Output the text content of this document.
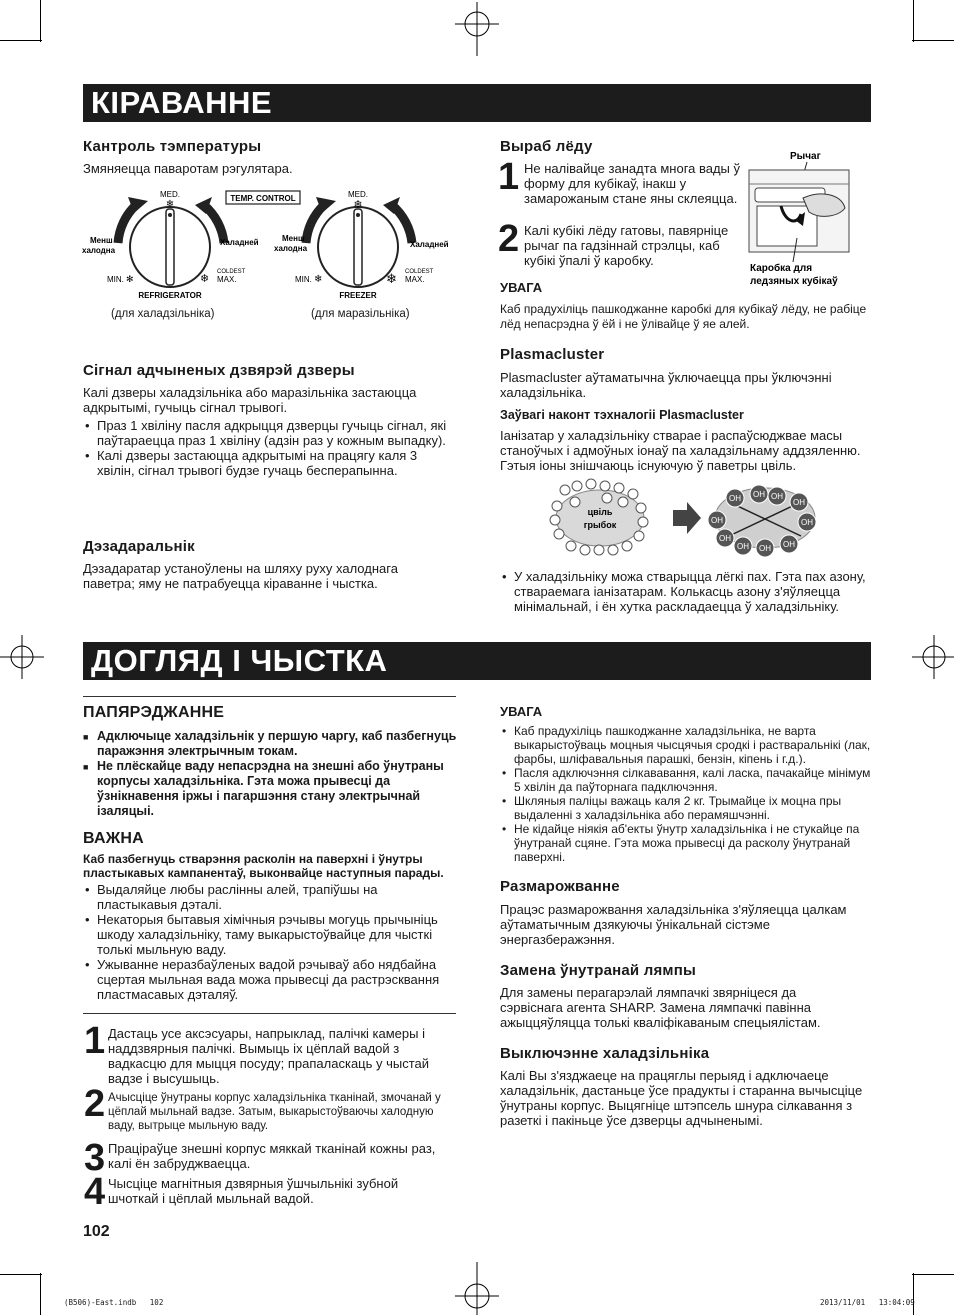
КІРАВАННЕ
Кантроль тэмпературы

Змяняецца паваротам рэгулятара.

MED.
❄
MIN. ✻	MAX.
COLDEST
❄
Менш
халодна
Халадней
REFRIGERATOR
TEMP. CONTROL	MED.
❄
MIN. ❄	MAX.
COLDEST
❄
Менш
халодна	Халадней
FREEZER

(для халадзільніка)	(для маразільніка)

Сігнал адчыненых дзвярэй дзверы

Калі дзверы халадзільніка або маразільніка застаюцца адкрытымі, гучыць сігнал трывогі.

• Праз 1 хвіліну пасля адкрыцця дзверцы гучыць сігнал, які паўтараецца праз 1 хвіліну (адзін раз у кожным выпадку).
• Калі дзверы застаюцца адкрытымі на працягу каля 3 хвілін, сігнал трывогі будзе гучаць бесперапынна.
Дэзадаральнік

Дэзадаратар устаноўлены на шляху руху халоднага паветра; яму не патрабуецца кіраванне і чыстка.

Выраб лёду
1 Не налівайце занадта многа вады ў форму для кубікаў, інакш у замарожаным стане яны склеяцца.

2 Калі кубікі лёду гатовы, павярніце рычаг па гадзіннай стрэлцы, каб кубікі ўпалі ў каробку.

Рычаг
Каробка для
ледзяных кубікаў

УВАГА

Каб прадухіліць пашкоджанне каробкі для кубікаў лёду, не рабіце лёд непасрэдна ў ёй і не ўлівайце ў яе алей.

Plasmacluster

Plasmacluster аўтаматычна ўключаецца пры ўключэнні халадзільніка.

Заўвагі наконт тэхналогіі Plasmacluster

Іанізатар у халадзільніку стварае і распаўсюджвае масы станоўчых і адмоўных іонаў па халадзільнаму аддзяленню. Гэтыя іоны знішчаюць існуючую ў паветры цвіль.

цвіль
грыбок
OH OH OH
OH
OH
OH
OH
OH
OH
OH
• У халадзільніку можа стварыцца лёгкі пах. Гэта пах азону, ствараемага іанізатарам. Колькасць азону з'яўляецца мінімальнай, і ён хутка раскладаецца ў халадзільніку.
ДОГЛЯД І ЧЫСТКА
ПАПЯРЭДЖАННЕ
■ Адключыце халадзільнік у першую чаргу, каб пазбегнуць паражэння электрычным токам.
■ Не плёскайце ваду непасрэдна на знешні або ўнутраны корпусы халадзільніка. Гэта можа прывесці да ўзнікнавення іржы і пагаршэння стану электрычнай ізаляцыі.
ВАЖНА

Каб пазбегнуць стварэння расколін на паверхні і ўнутры пластыкавых кампанентаў, выконвайце наступныя парады.

• Выдаляйце любы раслінны алей, трапіўшы на пластыкавыя дэталі.
• Некаторыя бытавыя хімічныя рэчывы могуць прычыніць шкоду халадзільніку, таму выкарыстоўвайце для чысткі толькі мыльную ваду.
• Ужыванне неразбаўленых вадой рэчываў або нядбайна сцертая мыльная вада можа прывесці да растрэсквання пластмасавых дэталяў.
1 Дастаць усе аксэсуары, напрыклад, палічкі камеры і наддзвярныя палічкі. Вымыць іх цёплай вадой з вадкасцю для мыцця посуду; прапаласкаць у чыстай вадзе і высушыць.

2 Ачысціце ўнутраны корпус халадзільніка тканінай, змочанай у цёплай мыльнай вадзе. Затым, выкарыстоўваючы халодную ваду, вытрыце мыльную ваду.

3 Праціраўце знешні корпус мяккай тканінай кожны раз, калі ён забруджваецца.

4 Чысціце магнітныя дзвярныя ўшчыльнікі зубной шчоткай і цёплай мыльнай вадой.

УВАГА

• Каб прадухіліць пашкоджанне халадзільніка, не варта выкарыстоўваць моцныя чысцячыя сродкі і растваральнікі (лак, фарбы, шліфавальныя парашкі, бензін, кіпень і г.д.).
• Пасля адключэння сілкававання, калі ласка, пачакайце мінімум 5 хвілін да паўторнага падключэння.
• Шкляныя паліцы важаць каля 2 кг. Трымайце іх моцна пры выдаленні з халадзільніка або перамяшчэнні.
• Не кідайце ніякія аб'екты ўнутр халадзільніка і не стукайце па ўнутранай сцяне. Гэта можа прывесці да расколу ўнутранай паверхні.
Размарожванне

Працэс размарожвання халадзільніка з'яўляецца цалкам аўтаматычным дзякуючы ўнікальнай сістэме энергазберажэння.

Замена ўнутранай лямпы

Для замены перагарэлай лямпачкі звярніцеся да сэрвіснага агента SHARP. Замена лямпачкі павінна ажыццяўляцца толькі кваліфікаваным спецыялістам.

Выключэнне халадзільніка

Калі Вы з'язджаеце на працяглы перыяд і адключаеце халадзільнік, дастаньце ўсе прадукты і старанна вычысціце ўнутраны корпус. Выцягніце штэпсель шнура сілкавання з разеткі і пакіньце ўсе дзверцы адчыненымі.

102
(B506)-East.indb   102	2013/11/01   13:04:09
